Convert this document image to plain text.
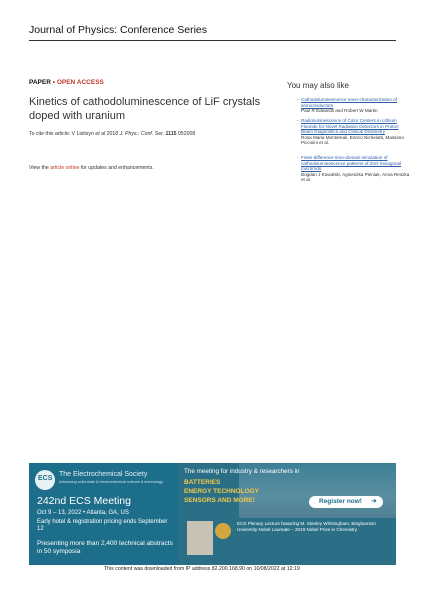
Journal of Physics: Conference Series
PAPER • OPEN ACCESS
Kinetics of cathodoluminescence of LiF crystals doped with uranium
To cite this article: V Lisitsyn et al 2018 J. Phys.: Conf. Ser. 1115 052008
View the article online for updates and enhancements.
You may also like
- Cathodoluminescence nano-characterization of semiconductors
Paul R Edwards and Robert W Martin
- Radioluminescence of Color Centers in Lithium Fluoride for Novel Radiation Detectors in Proton Beam Diagnostics and Clinical Dosimetry
Rosa Maria Montereali, Enrico Nichelatti, Massimo Piccinini et al.
- Finite-difference time-domain simulation of cathodoluminescence patterns of ZnO hexagonal microrods
Bogdan J Kowalski, Agnieszka Pieniak, Anna Reszka et al.
ECS
The Electrochemical Society
Advancing solid state & electrochemical science & technology
242nd ECS Meeting
Oct 9 – 13, 2022 • Atlanta, GA, US
Early hotel & registration pricing ends September 12
Presenting more than 2,400 technical abstracts in 50 symposia
The meeting for industry & researchers in
BATTERIES
ENERGY TECHNOLOGY
SENSORS AND MORE!	Register now! ➜
ECS Plenary Lecture featuring M. Stanley Whittingham, Binghamton University Nobel Laureate – 2019 Nobel Prize in Chemistry
This content was downloaded from IP address 82.200.168.90 on 10/08/2022 at 12:19
